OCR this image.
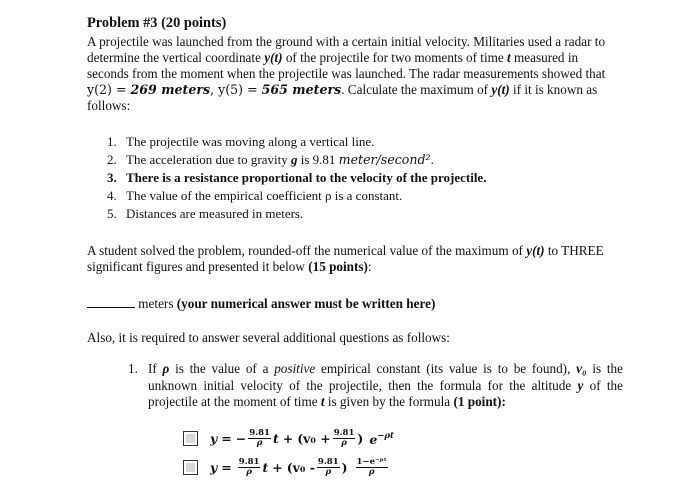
Problem #3 (20 points)
A projectile was launched from the ground with a certain initial velocity. Militaries used a radar to determine the vertical coordinate y(t) of the projectile for two moments of time t measured in seconds from the moment when the projectile was launched. The radar measurements showed that y(2) = 269 meters, y(5) = 565 meters. Calculate the maximum of y(t) if it is known as follows:
1. The projectile was moving along a vertical line.
2. The acceleration due to gravity g is 9.81 meter/second².
3. There is a resistance proportional to the velocity of the projectile.
4. The value of the empirical coefficient ρ is a constant.
5. Distances are measured in meters.
A student solved the problem, rounded-off the numerical value of the maximum of y(t) to THREE significant figures and presented it below (15 points):
meters (your numerical answer must be written here)
Also, it is required to answer several additional questions as follows:
1. If ρ is the value of a positive empirical constant (its value is to be found), v₀ is the unknown initial velocity of the projectile, then the formula for the altitude y of the projectile at the moment of time t is given by the formula (1 point):
y = − $\frac{9.81}{\rho}$ $t + (v_0 + \frac{9.81}{\rho}$ ) $e^{-\rho t}$
$y = \frac{9.81}{\rho}$ $t + (v_0 - \frac{9.81}{\rho}$ ) $\frac{\text{1−e⁻ᵖᵗ}}{\rho}$
